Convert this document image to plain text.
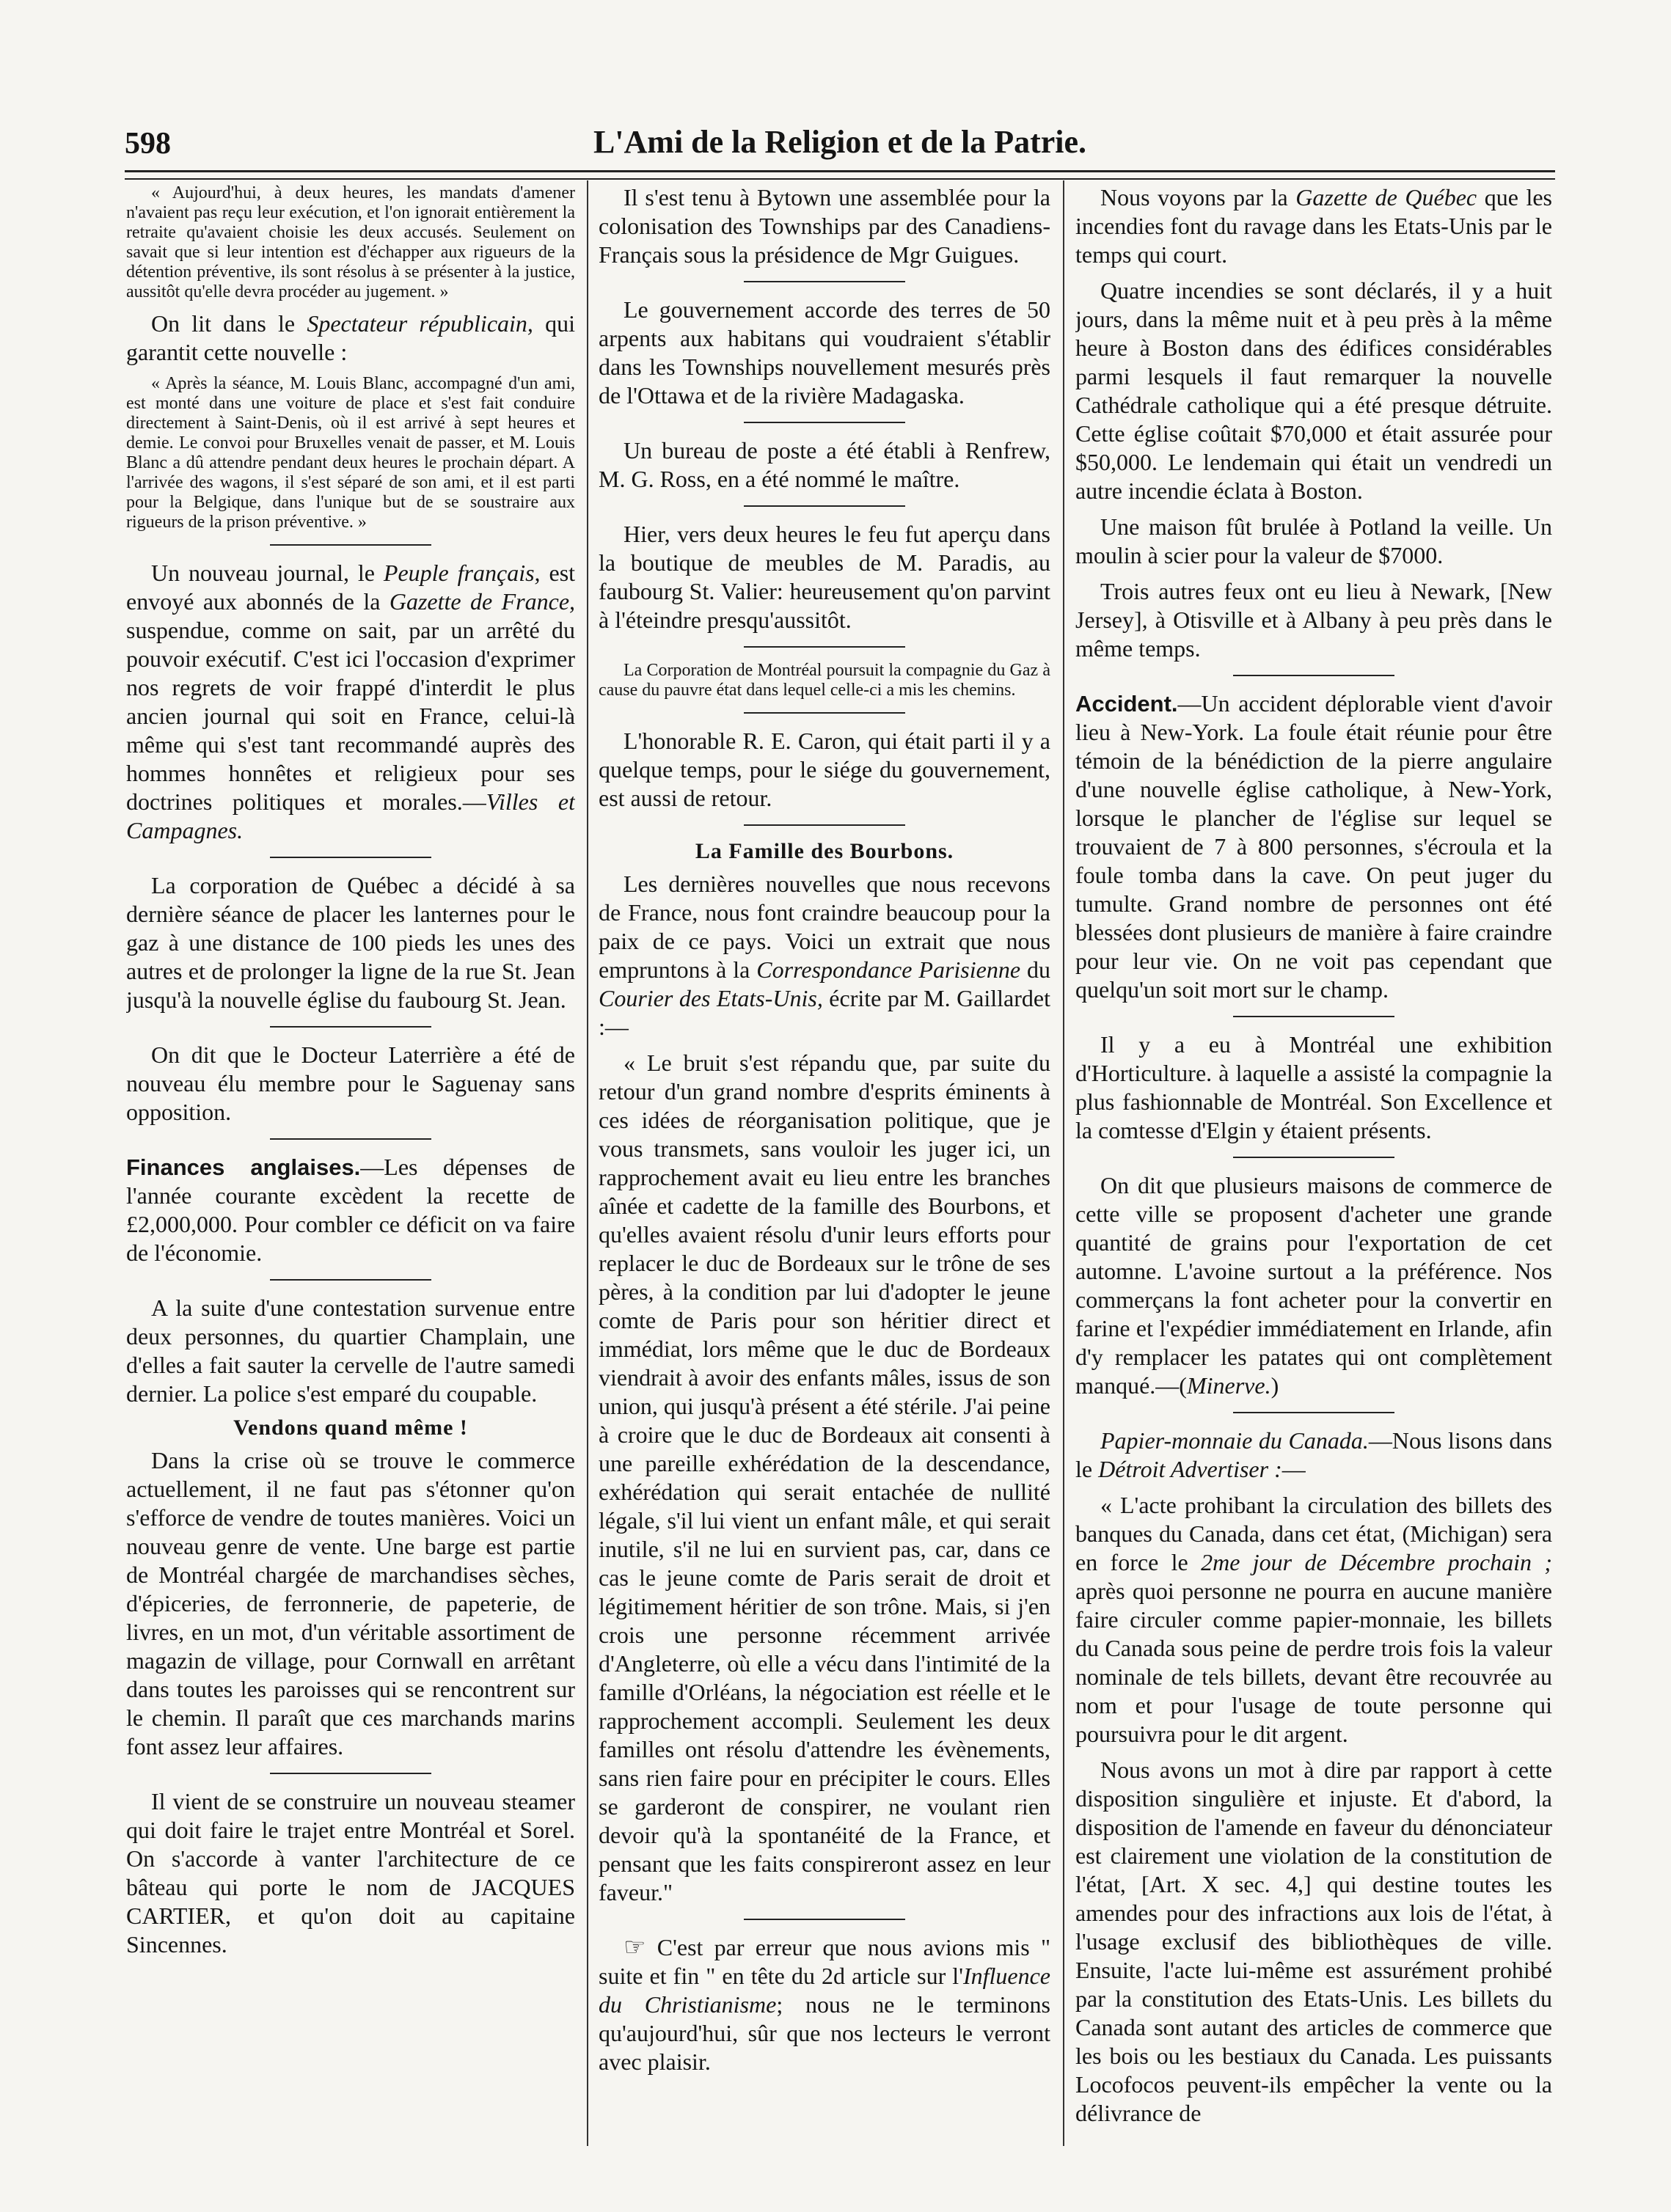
598	L'Ami de la Religion et de la Patrie.

« Aujourd'hui, à deux heures, les mandats d'amener n'avaient pas reçu leur exécution, et l'on ignorait entièrement la retraite qu'avaient choisie les deux accusés. Seulement on savait que si leur intention est d'échapper aux rigueurs de la détention préventive, ils sont résolus à se présenter à la justice, aussitôt qu'elle devra procéder au jugement. »

On lit dans le Spectateur républicain, qui garantit cette nouvelle :

« Après la séance, M. Louis Blanc, accompagné d'un ami, est monté dans une voiture de place et s'est fait conduire directement à Saint-Denis, où il est arrivé à sept heures et demie. Le convoi pour Bruxelles venait de passer, et M. Louis Blanc a dû attendre pendant deux heures le prochain départ. A l'arrivée des wagons, il s'est séparé de son ami, et il est parti pour la Belgique, dans l'unique but de se soustraire aux rigueurs de la prison préventive. »

Un nouveau journal, le Peuple français, est envoyé aux abonnés de la Gazette de France, suspendue, comme on sait, par un arrêté du pouvoir exécutif. C'est ici l'occasion d'exprimer nos regrets de voir frappé d'interdit le plus ancien journal qui soit en France, celui-là même qui s'est tant recommandé auprès des hommes honnêtes et religieux pour ses doctrines politiques et morales.—Villes et Campagnes.

La corporation de Québec a décidé à sa dernière séance de placer les lanternes pour le gaz à une distance de 100 pieds les unes des autres et de prolonger la ligne de la rue St. Jean jusqu'à la nouvelle église du faubourg St. Jean.

On dit que le Docteur Laterrière a été de nouveau élu membre pour le Saguenay sans opposition.

Finances anglaises.—Les dépenses de l'année courante excèdent la recette de £2,000,000. Pour combler ce déficit on va faire de l'économie.

A la suite d'une contestation survenue entre deux personnes, du quartier Champlain, une d'elles a fait sauter la cervelle de l'autre samedi dernier. La police s'est emparé du coupable.

Vendons quand même !

Dans la crise où se trouve le commerce actuellement, il ne faut pas s'étonner qu'on s'efforce de vendre de toutes manières. Voici un nouveau genre de vente. Une barge est partie de Montréal chargée de marchandises sèches, d'épiceries, de ferronnerie, de papeterie, de livres, en un mot, d'un véritable assortiment de magazin de village, pour Cornwall en arrêtant dans toutes les paroisses qui se rencontrent sur le chemin. Il paraît que ces marchands marins font assez leur affaires.

Il vient de se construire un nouveau steamer qui doit faire le trajet entre Montréal et Sorel. On s'accorde à vanter l'architecture de ce bâteau qui porte le nom de JACQUES CARTIER, et qu'on doit au capitaine Sincennes.

Il s'est tenu à Bytown une assemblée pour la colonisation des Townships par des Canadiens-Français sous la présidence de Mgr Guigues.

Le gouvernement accorde des terres de 50 arpents aux habitans qui voudraient s'établir dans les Townships nouvellement mesurés près de l'Ottawa et de la rivière Madagaska.

Un bureau de poste a été établi à Renfrew, M. G. Ross, en a été nommé le maître.

Hier, vers deux heures le feu fut aperçu dans la boutique de meubles de M. Paradis, au faubourg St. Valier: heureusement qu'on parvint à l'éteindre presqu'aussitôt.

La Corporation de Montréal poursuit la compagnie du Gaz à cause du pauvre état dans lequel celle-ci a mis les chemins.

L'honorable R. E. Caron, qui était parti il y a quelque temps, pour le siége du gouvernement, est aussi de retour.

La Famille des Bourbons.

Les dernières nouvelles que nous recevons de France, nous font craindre beaucoup pour la paix de ce pays. Voici un extrait que nous empruntons à la Correspondance Parisienne du Courier des Etats-Unis, écrite par M. Gaillardet :—

« Le bruit s'est répandu que, par suite du retour d'un grand nombre d'esprits éminents à ces idées de réorganisation politique, que je vous transmets, sans vouloir les juger ici, un rapprochement avait eu lieu entre les branches aînée et cadette de la famille des Bourbons, et qu'elles avaient résolu d'unir leurs efforts pour replacer le duc de Bordeaux sur le trône de ses pères, à la condition par lui d'adopter le jeune comte de Paris pour son héritier direct et immédiat, lors même que le duc de Bordeaux viendrait à avoir des enfants mâles, issus de son union, qui jusqu'à présent a été stérile. J'ai peine à croire que le duc de Bordeaux ait consenti à une pareille exhérédation de la descendance, exhérédation qui serait entachée de nullité légale, s'il lui vient un enfant mâle, et qui serait inutile, s'il ne lui en survient pas, car, dans ce cas le jeune comte de Paris serait de droit et légitimement héritier de son trône. Mais, si j'en crois une personne récemment arrivée d'Angleterre, où elle a vécu dans l'intimité de la famille d'Orléans, la négociation est réelle et le rapprochement accompli. Seulement les deux familles ont résolu d'attendre les évènements, sans rien faire pour en précipiter le cours. Elles se garderont de conspirer, ne voulant rien devoir qu'à la spontanéité de la France, et pensant que les faits conspireront assez en leur faveur."

☞ C'est par erreur que nous avions mis " suite et fin " en tête du 2d article sur l'Influence du Christianisme; nous ne le terminons qu'aujourd'hui, sûr que nos lecteurs le verront avec plaisir.

Nous voyons par la Gazette de Québec que les incendies font du ravage dans les Etats-Unis par le temps qui court.

Quatre incendies se sont déclarés, il y a huit jours, dans la même nuit et à peu près à la même heure à Boston dans des édifices considérables parmi lesquels il faut remarquer la nouvelle Cathédrale catholique qui a été presque détruite. Cette église coûtait $70,000 et était assurée pour $50,000. Le lendemain qui était un vendredi un autre incendie éclata à Boston.

Une maison fût brulée à Potland la veille. Un moulin à scier pour la valeur de $7000.

Trois autres feux ont eu lieu à Newark, [New Jersey], à Otisville et à Albany à peu près dans le même temps.

Accident.—Un accident déplorable vient d'avoir lieu à New-York. La foule était réunie pour être témoin de la bénédiction de la pierre angulaire d'une nouvelle église catholique, à New-York, lorsque le plancher de l'église sur lequel se trouvaient de 7 à 800 personnes, s'écroula et la foule tomba dans la cave. On peut juger du tumulte. Grand nombre de personnes ont été blessées dont plusieurs de manière à faire craindre pour leur vie. On ne voit pas cependant que quelqu'un soit mort sur le champ.

Il y a eu à Montréal une exhibition d'Horticulture. à laquelle a assisté la compagnie la plus fashionnable de Montréal. Son Excellence et la comtesse d'Elgin y étaient présents.

On dit que plusieurs maisons de commerce de cette ville se proposent d'acheter une grande quantité de grains pour l'exportation de cet automne. L'avoine surtout a la préférence. Nos commerçans la font acheter pour la convertir en farine et l'expédier immédiatement en Irlande, afin d'y remplacer les patates qui ont complètement manqué.—(Minerve.)

Papier-monnaie du Canada.—Nous lisons dans le Détroit Advertiser :—

« L'acte prohibant la circulation des billets des banques du Canada, dans cet état, (Michigan) sera en force le 2me jour de Décembre prochain ; après quoi personne ne pourra en aucune manière faire circuler comme papier-monnaie, les billets du Canada sous peine de perdre trois fois la valeur nominale de tels billets, devant être recouvrée au nom et pour l'usage de toute personne qui poursuivra pour le dit argent.

Nous avons un mot à dire par rapport à cette disposition singulière et injuste. Et d'abord, la disposition de l'amende en faveur du dénonciateur est clairement une violation de la constitution de l'état, [Art. X sec. 4,] qui destine toutes les amendes pour des infractions aux lois de l'état, à l'usage exclusif des bibliothèques de ville. Ensuite, l'acte lui-même est assurément prohibé par la constitution des Etats-Unis. Les billets du Canada sont autant des articles de commerce que les bois ou les bestiaux du Canada. Les puissants Locofocos peuvent-ils empêcher la vente ou la délivrance de
